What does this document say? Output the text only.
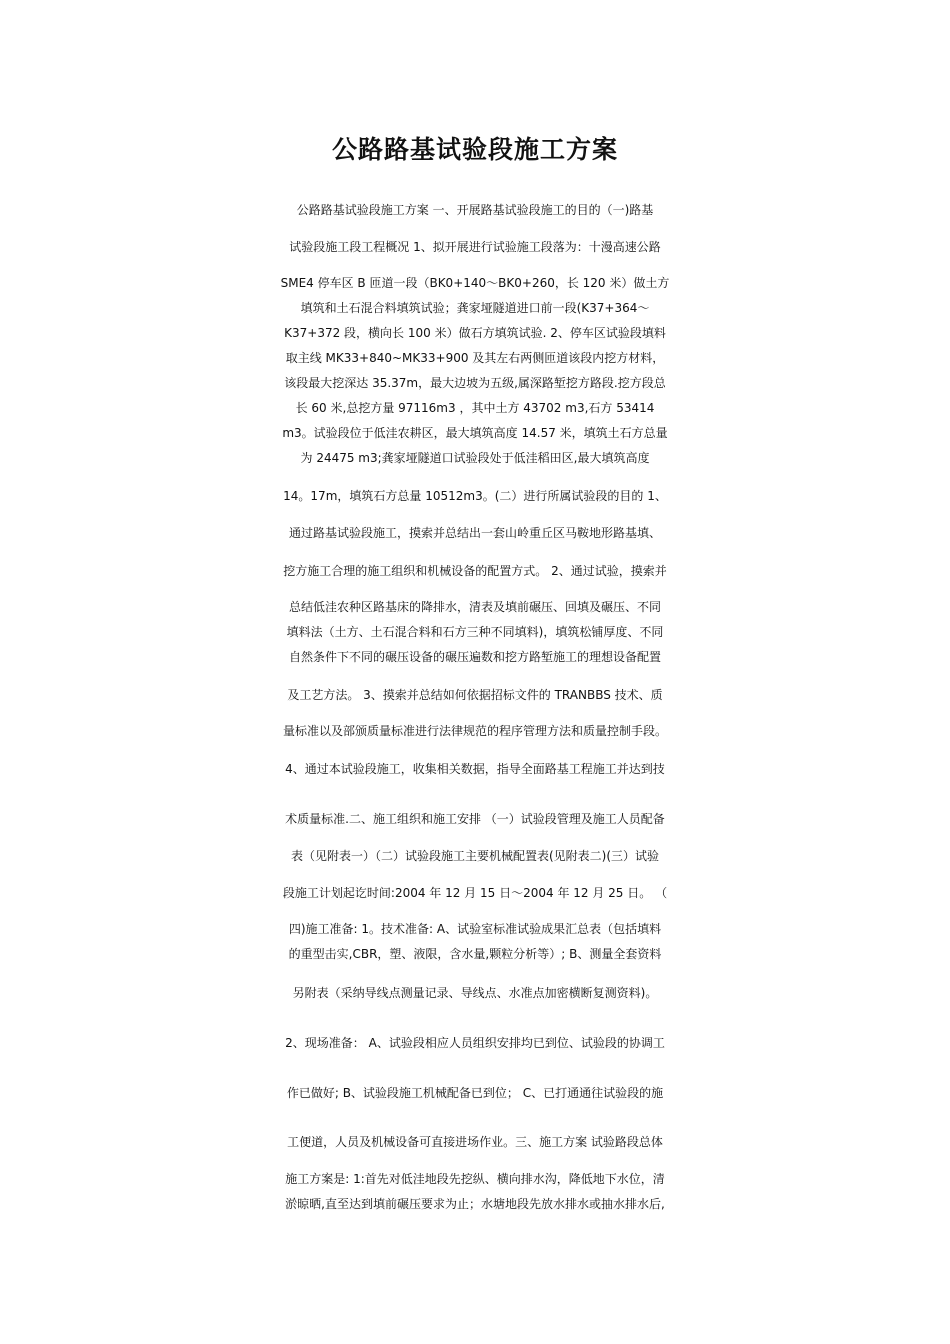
公路路基试验段施工方案
公路路基试验段施工方案 一、开展路基试验段施工的目的（一)路基
试验段施工段工程概况 1、拟开展进行试验施工段落为：十漫高速公路
SME4 停车区 B 匝道一段（BK0+140～BK0+260，长 120 米）做土方
填筑和土石混合料填筑试验；龚家垭隧道进口前一段(K37+364～
K37+372 段，横向长 100 米）做石方填筑试验. 2、停车区试验段填料
取主线 MK33+840~MK33+900 及其左右两侧匝道该段内挖方材料，
该段最大挖深达 35.37m，最大边坡为五级,属深路堑挖方路段.挖方段总
长 60 米,总挖方量 97116m3 ，其中土方 43702 m3,石方 53414
m3。试验段位于低洼农耕区，最大填筑高度 14.57 米，填筑土石方总量
为 24475 m3;龚家垭隧道口试验段处于低洼稻田区,最大填筑高度
14。17m，填筑石方总量 10512m3。(二）进行所属试验段的目的 1、
通过路基试验段施工，摸索并总结出一套山岭重丘区马鞍地形路基填、
挖方施工合理的施工组织和机械设备的配置方式。 2、通过试验，摸索并
总结低洼农种区路基床的降排水，清表及填前碾压、回填及碾压、不同
填料法（土方、土石混合料和石方三种不同填料)，填筑松铺厚度、不同
自然条件下不同的碾压设备的碾压遍数和挖方路堑施工的理想设备配置
及工艺方法。 3、摸索并总结如何依据招标文件的 TRANBBS 技术、质
量标准以及部颁质量标准进行法律规范的程序管理方法和质量控制手段。
4、通过本试验段施工，收集相关数据，指导全面路基工程施工并达到技
术质量标准.二、施工组织和施工安排 （一）试验段管理及施工人员配备
表（见附表一）（二）试验段施工主要机械配置表(见附表二)(三）试验
段施工计划起讫时间:2004 年 12 月 15 日～2004 年 12 月 25 日。 （
四)施工准备: 1。技术准备: A、试验室标准试验成果汇总表（包括填料
的重型击实,CBR，塑、液限，含水量,颗粒分析等）; B、测量全套资料
另附表（采纳导线点测量记录、导线点、水准点加密横断复测资料)。
2、现场准备： A、试验段相应人员组织安排均已到位、试验段的协调工
作已做好; B、试验段施工机械配备已到位； C、已打通通往试验段的施
工便道，人员及机械设备可直接进场作业。三、施工方案 试验路段总体
施工方案是: 1:首先对低洼地段先挖纵、横向排水沟，降低地下水位，清
淤晾晒,直至达到填前碾压要求为止；水塘地段先放水排水或抽水排水后,
